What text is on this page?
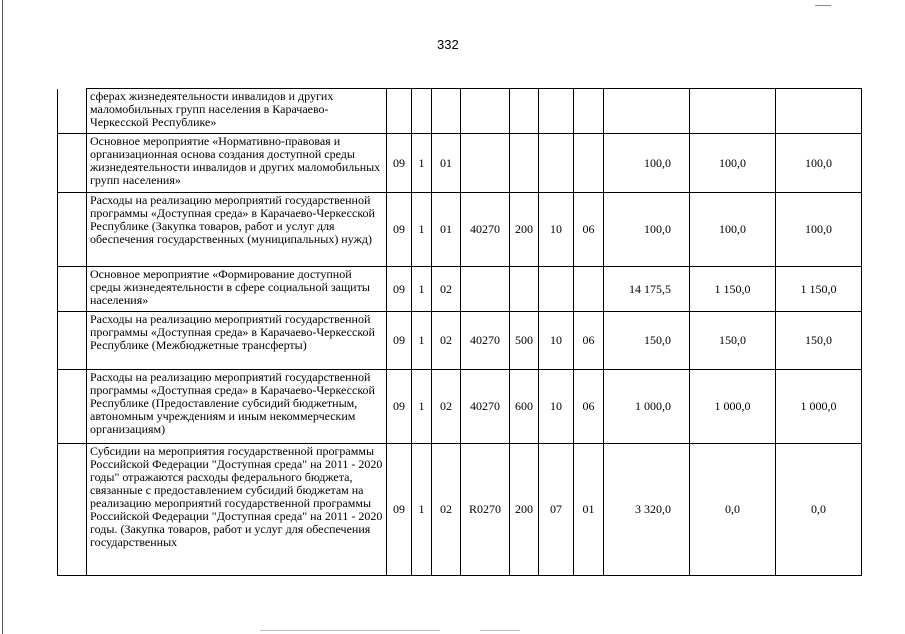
332
	сферах жизнедеятельности инвалидов и других маломобильных групп населения в Карачаево-Черкесской Республике»										
	Основное мероприятие «Нормативно-правовая и организационная основа создания доступной среды жизнедеятельности инвалидов и других маломобильных групп населения»	09	1	01					100,0	100,0	100,0
	Расходы на реализацию мероприятий государственной программы «Доступная среда» в Карачаево-Черкесской Республике (Закупка товаров, работ и услуг для обеспечения государственных (муниципальных) нужд)	09	1	01	40270	200	10	06	100,0	100,0	100,0
	Основное мероприятие «Формирование доступной среды жизнедеятельности в сфере социальной защиты населения»	09	1	02					14 175,5	1 150,0	1 150,0
	Расходы на реализацию мероприятий государственной программы «Доступная среда» в Карачаево-Черкесской Республике (Межбюджетные трансферты)	09	1	02	40270	500	10	06	150,0	150,0	150,0
	Расходы на реализацию мероприятий государственной программы «Доступная среда» в Карачаево-Черкесской Республике (Предоставление субсидий бюджетным, автономным учреждениям и иным некоммерческим организациям)	09	1	02	40270	600	10	06	1 000,0	1 000,0	1 000,0
	Субсидии на мероприятия государственной программы Российской Федерации "Доступная среда" на 2011 - 2020 годы" отражаются расходы федерального бюджета, связанные с предоставлением субсидий бюджетам на реализацию мероприятий государственной программы Российской Федерации "Доступная среда" на 2011 - 2020 годы. (Закупка товаров, работ и услуг для обеспечения государственных	09	1	02	R0270	200	07	01	3 320,0	0,0	0,0
